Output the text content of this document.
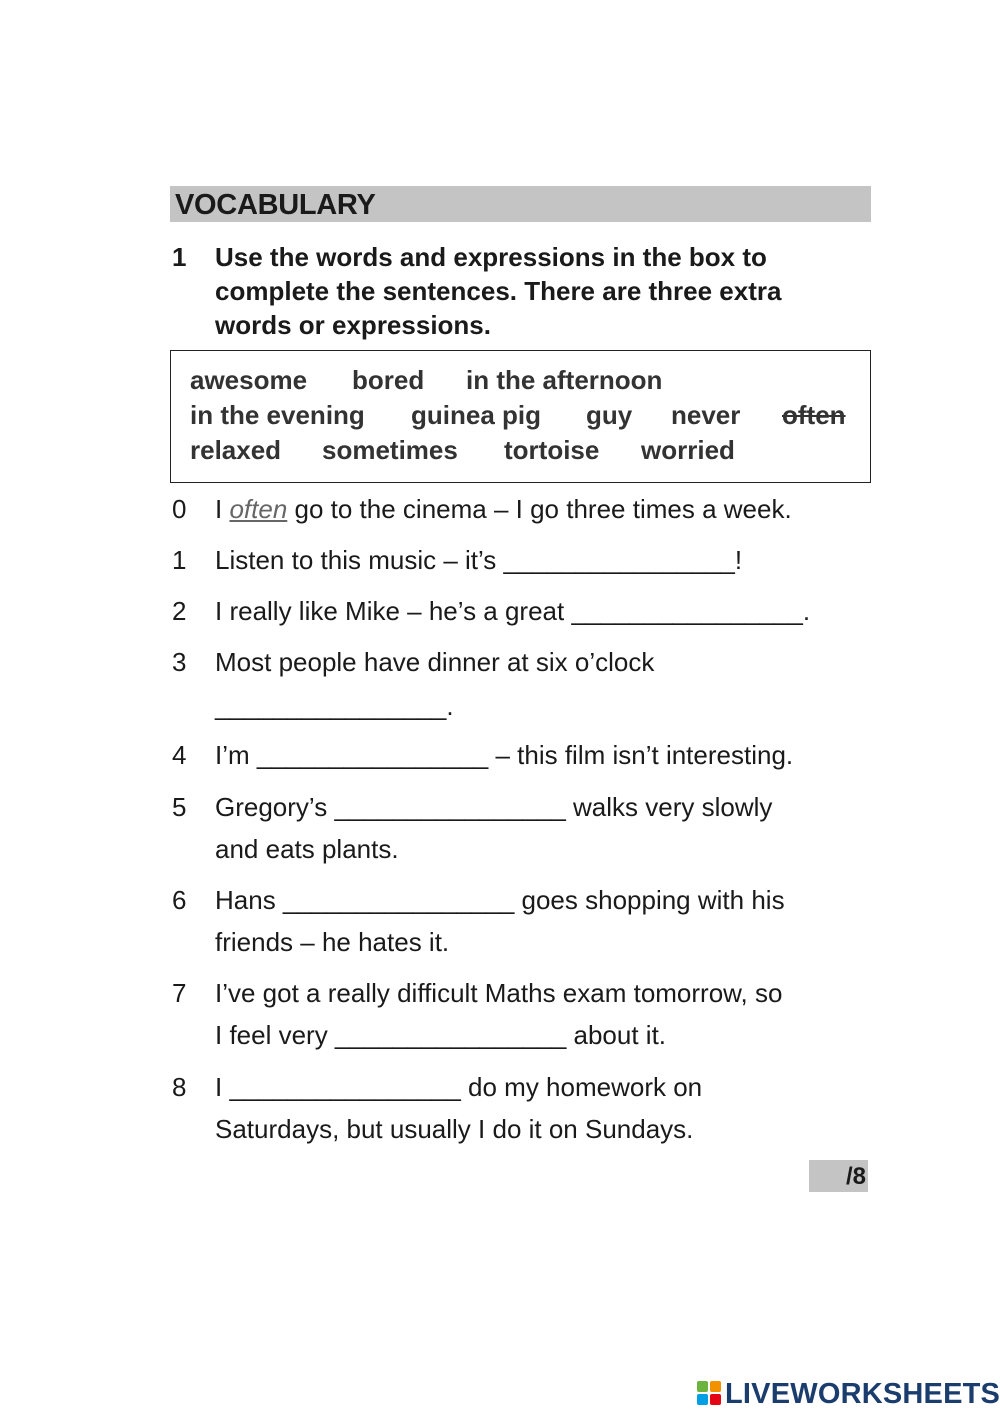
VOCABULARY
1 Use the words and expressions in the box to
complete the sentences. There are three extra
words or expressions.
awesome bored in the afternoon
in the evening guinea pig guy never often
relaxed sometimes tortoise worried
0 I often go to the cinema – I go three times a week.
1 Listen to this music – it’s ________________!
2 I really like Mike – he’s a great ________________.
3 Most people have dinner at six o’clock
________________.
4 I’m ________________ – this film isn’t interesting.
5 Gregory’s ________________ walks very slowly
and eats plants.
6 Hans ________________ goes shopping with his
friends – he hates it.
7 I’ve got a really difficult Maths exam tomorrow, so
I feel very ________________ about it.
8 I ________________ do my homework on
Saturdays, but usually I do it on Sundays.
/8
LIVEWORKSHEETS
